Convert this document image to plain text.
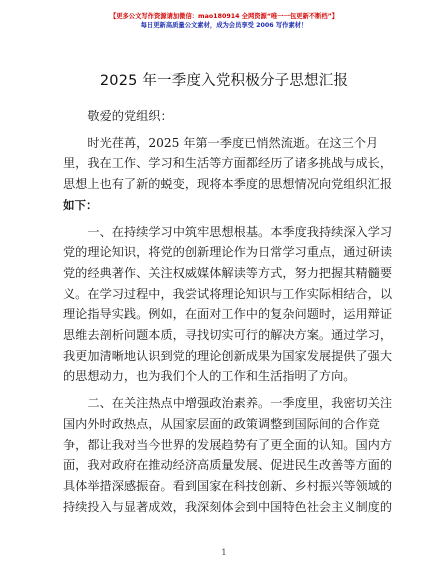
【更多公文写作资源请加微信：mao180914 全网资源“唯一一包更新不断档”】
每日更新高质量公文素材，成为会员享受 2006 写作素材！
2025 年一季度入党积极分子思想汇报

敬爱的党组织：

时光荏苒，2025 年第一季度已悄然流逝。在这三个月

里，我在工作、学习和生活等方面都经历了诸多挑战与成长，

思想上也有了新的蜕变，现将本季度的思想情况向党组织汇报

如下：

一、在持续学习中筑牢思想根基。本季度我持续深入学习

党的理论知识，将党的创新理论作为日常学习重点，通过研读

党的经典著作、关注权威媒体解读等方式，努力把握其精髓要

义。在学习过程中，我尝试将理论知识与工作实际相结合，以

理论指导实践。例如，在面对工作中的复杂问题时，运用辩证

思维去剖析问题本质，寻找切实可行的解决方案。通过学习，

我更加清晰地认识到党的理论创新成果为国家发展提供了强大

的思想动力，也为我们个人的工作和生活指明了方向。

二、在关注热点中增强政治素养。一季度里，我密切关注

国内外时政热点，从国家层面的政策调整到国际间的合作竞

争，都让我对当今世界的发展趋势有了更全面的认知。国内方

面，我对政府在推动经济高质量发展、促进民生改善等方面的

具体举措深感振奋。看到国家在科技创新、乡村振兴等领域的

持续投入与显著成效，我深刻体会到中国特色社会主义制度的

1
